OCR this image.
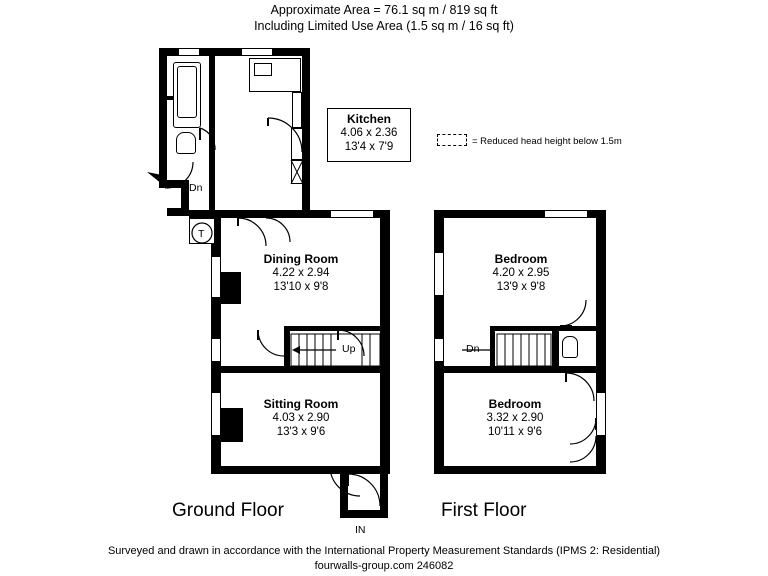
Approximate Area = 76.1 sq m / 819 sq ft
Including Limited Use Area (1.5 sq m / 16 sq ft)
= Reduced head height below 1.5m
Dining Room
4.22 x 2.94
13'10 x 9'8
Sitting Room
4.03 x 2.90
13'3 x 9'6
Kitchen
4.06 x 2.36
13'4 x 7'9
Dn
T
Up
IN
Ground Floor
Bedroom
4.20 x 2.95
13'9 x 9'8
Bedroom
3.32 x 2.90
10'11 x 9'6
Dn
First Floor
Surveyed and drawn in accordance with the International Property Measurement Standards (IPMS 2: Residential)
fourwalls-group.com 246082
